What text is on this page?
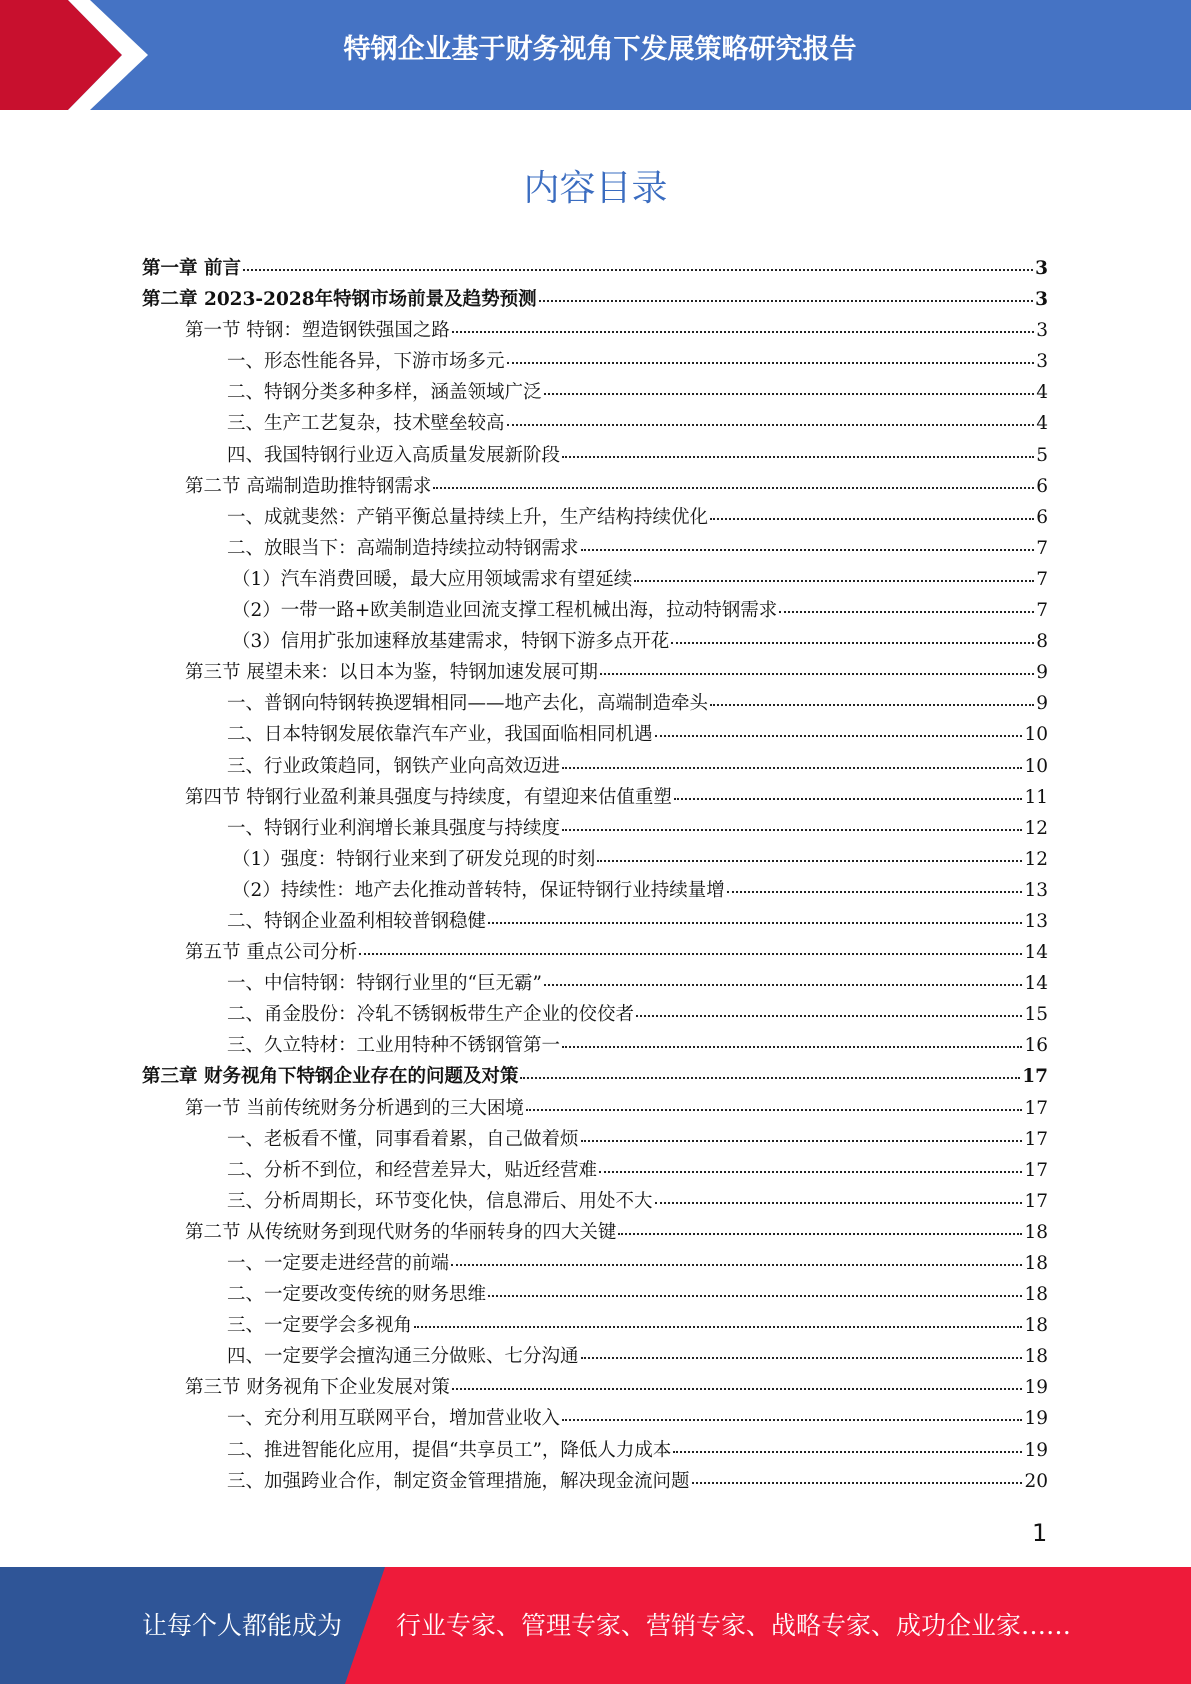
特钢企业基于财务视角下发展策略研究报告
内容目录
第一章 前言	3
第二章 2023-2028年特钢市场前景及趋势预测	3
第一节 特钢：塑造钢铁强国之路	3
一、形态性能各异，下游市场多元	3
二、特钢分类多种多样，涵盖领域广泛	4
三、生产工艺复杂，技术壁垒较高	4
四、我国特钢行业迈入高质量发展新阶段	5
第二节 高端制造助推特钢需求	6
一、成就斐然：产销平衡总量持续上升，生产结构持续优化	6
二、放眼当下：高端制造持续拉动特钢需求	7
（1）汽车消费回暖，最大应用领域需求有望延续	7
（2）一带一路+欧美制造业回流支撑工程机械出海，拉动特钢需求	7
（3）信用扩张加速释放基建需求，特钢下游多点开花	8
第三节 展望未来：以日本为鉴，特钢加速发展可期	9
一、普钢向特钢转换逻辑相同——地产去化，高端制造牵头	9
二、日本特钢发展依靠汽车产业，我国面临相同机遇	10
三、行业政策趋同，钢铁产业向高效迈进	10
第四节 特钢行业盈利兼具强度与持续度，有望迎来估值重塑	11
一、特钢行业利润增长兼具强度与持续度	12
（1）强度：特钢行业来到了研发兑现的时刻	12
（2）持续性：地产去化推动普转特，保证特钢行业持续量增	13
二、特钢企业盈利相较普钢稳健	13
第五节 重点公司分析	14
一、中信特钢：特钢行业里的“巨无霸”	14
二、甬金股份：冷轧不锈钢板带生产企业的佼佼者	15
三、久立特材：工业用特种不锈钢管第一	16
第三章 财务视角下特钢企业存在的问题及对策	17
第一节 当前传统财务分析遇到的三大困境	17
一、老板看不懂，同事看着累，自己做着烦	17
二、分析不到位，和经营差异大，贴近经营难	17
三、分析周期长，环节变化快，信息滞后、用处不大	17
第二节 从传统财务到现代财务的华丽转身的四大关键	18
一、一定要走进经营的前端	18
二、一定要改变传统的财务思维	18
三、一定要学会多视角	18
四、一定要学会擅沟通三分做账、七分沟通	18
第三节 财务视角下企业发展对策	19
一、充分利用互联网平台，增加营业收入	19
二、推进智能化应用，提倡“共享员工”，降低人力成本	19
三、加强跨业合作，制定资金管理措施，解决现金流问题	20
1
让每个人都能成为 行业专家、管理专家、营销专家、战略专家、成功企业家……
